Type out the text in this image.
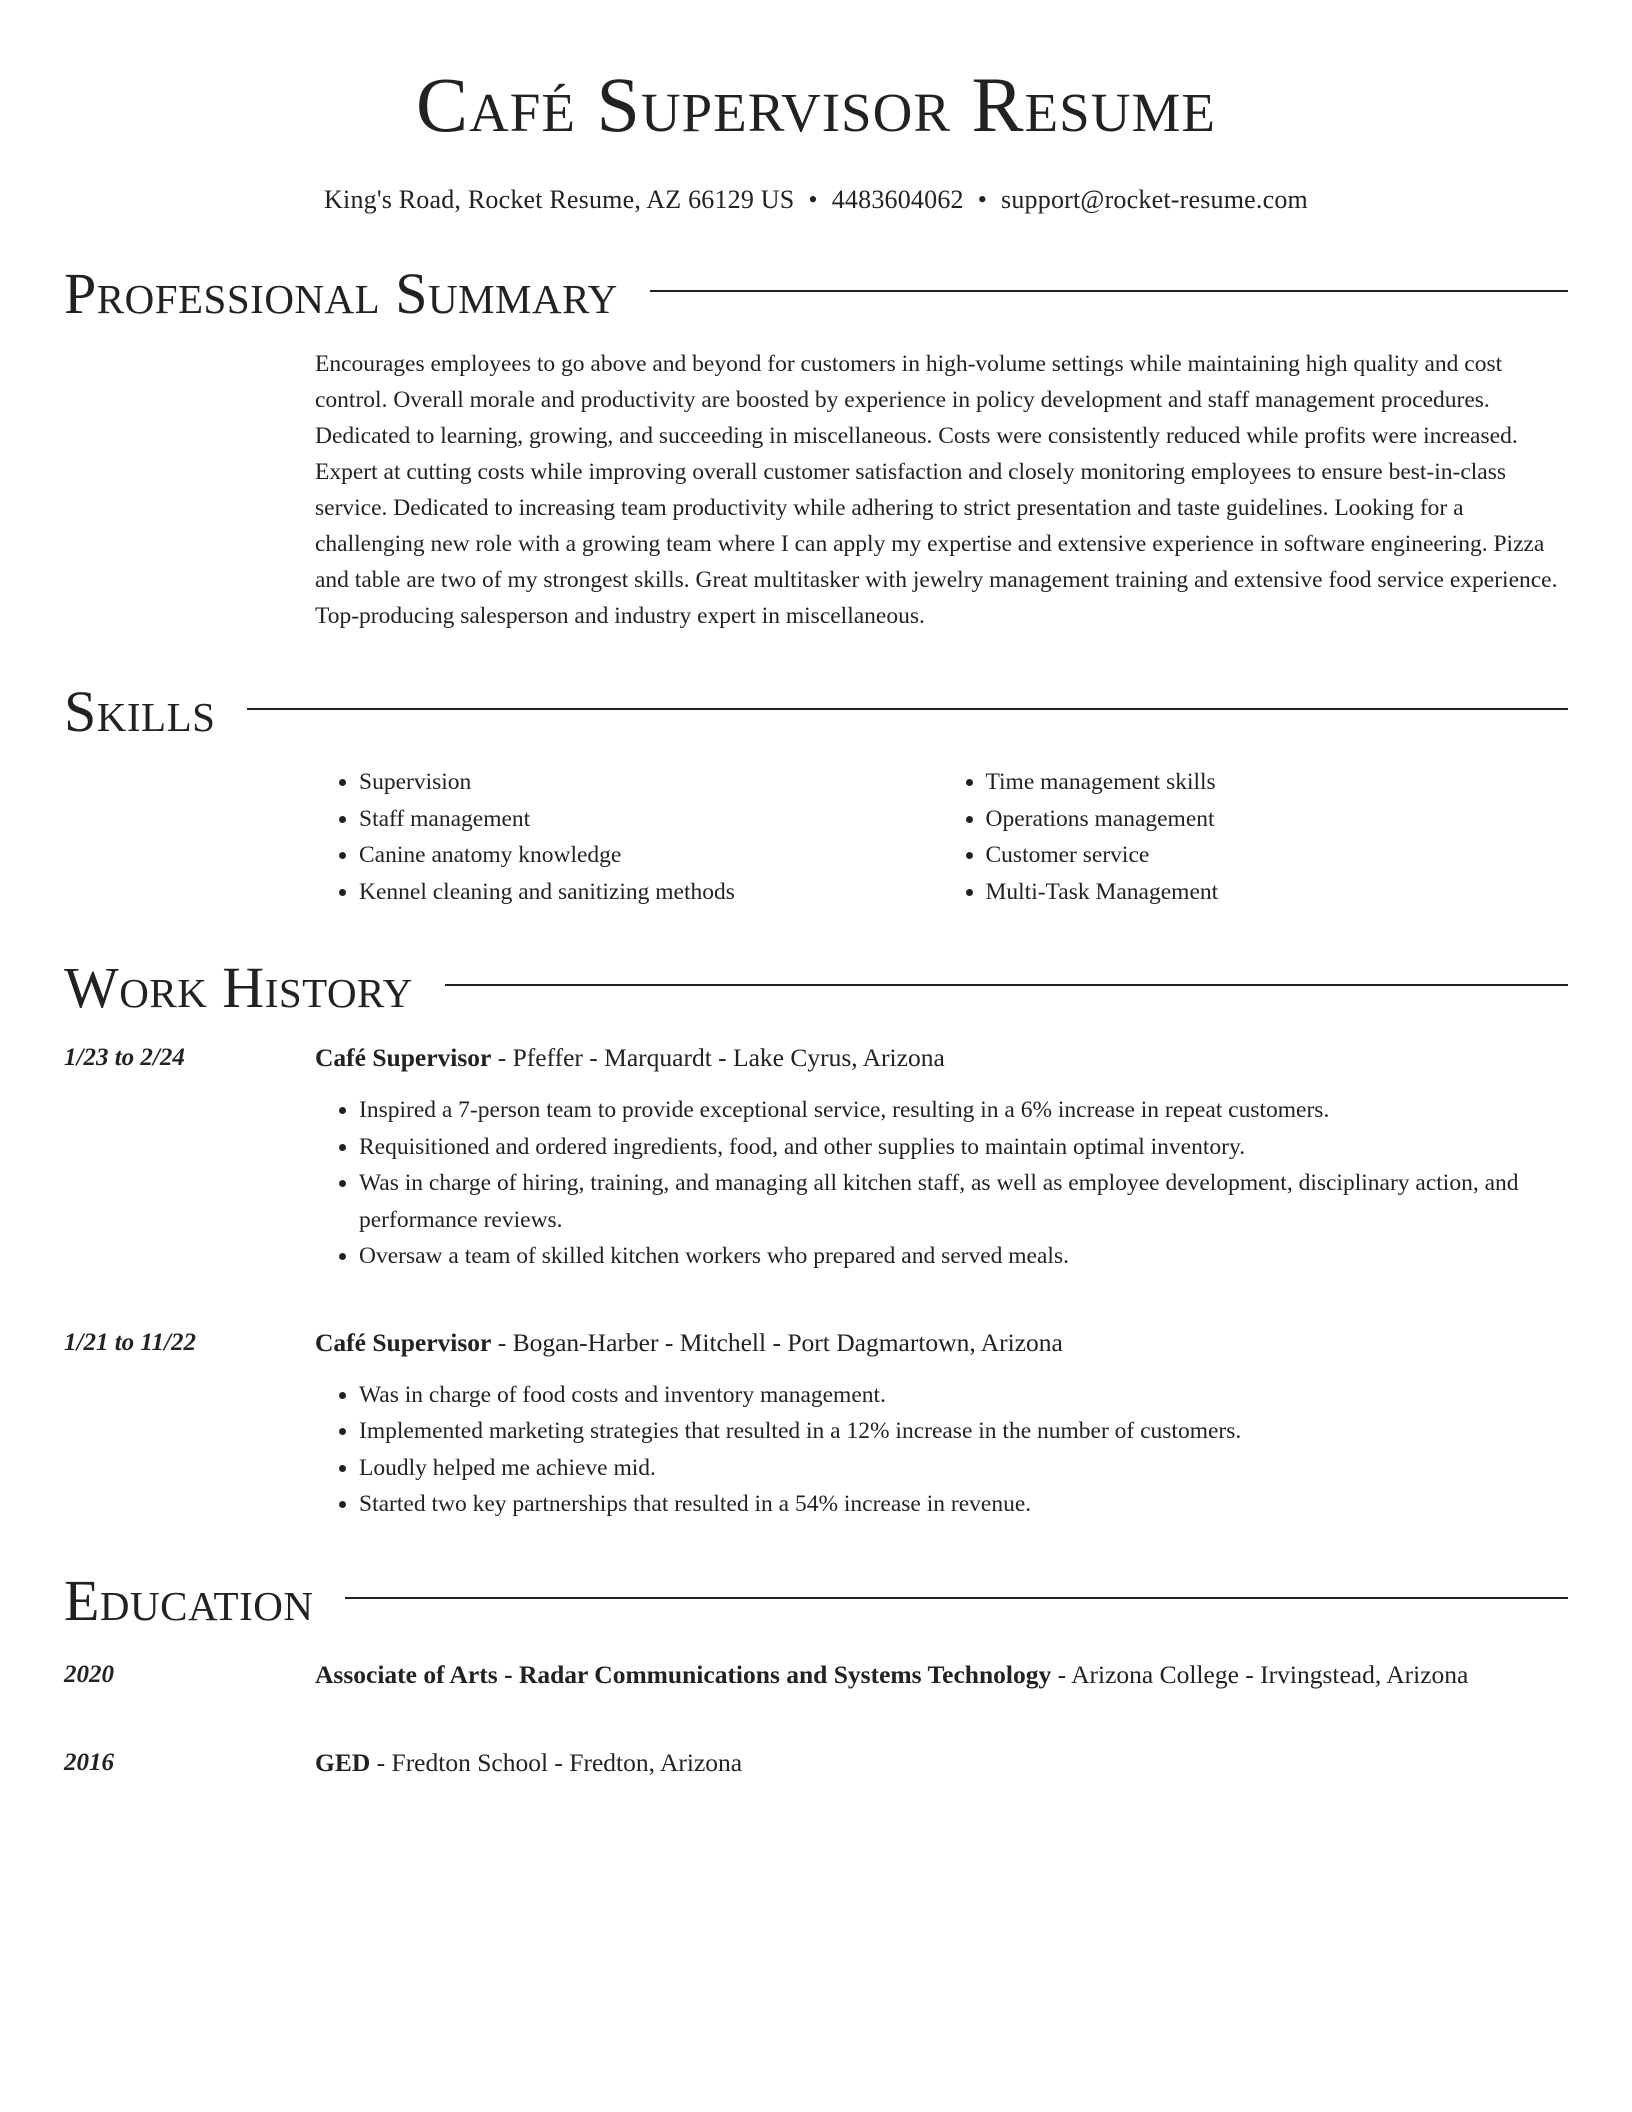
Café Supervisor Resume
King's Road, Rocket Resume, AZ 66129 US • 4483604062 • support@rocket-resume.com
Professional Summary
Encourages employees to go above and beyond for customers in high-volume settings while maintaining high quality and cost control. Overall morale and productivity are boosted by experience in policy development and staff management procedures. Dedicated to learning, growing, and succeeding in miscellaneous. Costs were consistently reduced while profits were increased. Expert at cutting costs while improving overall customer satisfaction and closely monitoring employees to ensure best-in-class service. Dedicated to increasing team productivity while adhering to strict presentation and taste guidelines. Looking for a challenging new role with a growing team where I can apply my expertise and extensive experience in software engineering. Pizza and table are two of my strongest skills. Great multitasker with jewelry management training and extensive food service experience. Top-producing salesperson and industry expert in miscellaneous.
Skills
• Supervision
• Staff management
• Canine anatomy knowledge
• Kennel cleaning and sanitizing methods
• Time management skills
• Operations management
• Customer service
• Multi-Task Management
Work History
1/23 to 2/24	Café Supervisor - Pfeffer - Marquardt - Lake Cyrus, Arizona
• Inspired a 7-person team to provide exceptional service, resulting in a 6% increase in repeat customers.
• Requisitioned and ordered ingredients, food, and other supplies to maintain optimal inventory.
• Was in charge of hiring, training, and managing all kitchen staff, as well as employee development, disciplinary action, and performance reviews.
• Oversaw a team of skilled kitchen workers who prepared and served meals.
1/21 to 11/22	Café Supervisor - Bogan-Harber - Mitchell - Port Dagmartown, Arizona
• Was in charge of food costs and inventory management.
• Implemented marketing strategies that resulted in a 12% increase in the number of customers.
• Loudly helped me achieve mid.
• Started two key partnerships that resulted in a 54% increase in revenue.
Education
2020	Associate of Arts - Radar Communications and Systems Technology - Arizona College - Irvingstead, Arizona
2016	GED - Fredton School - Fredton, Arizona
